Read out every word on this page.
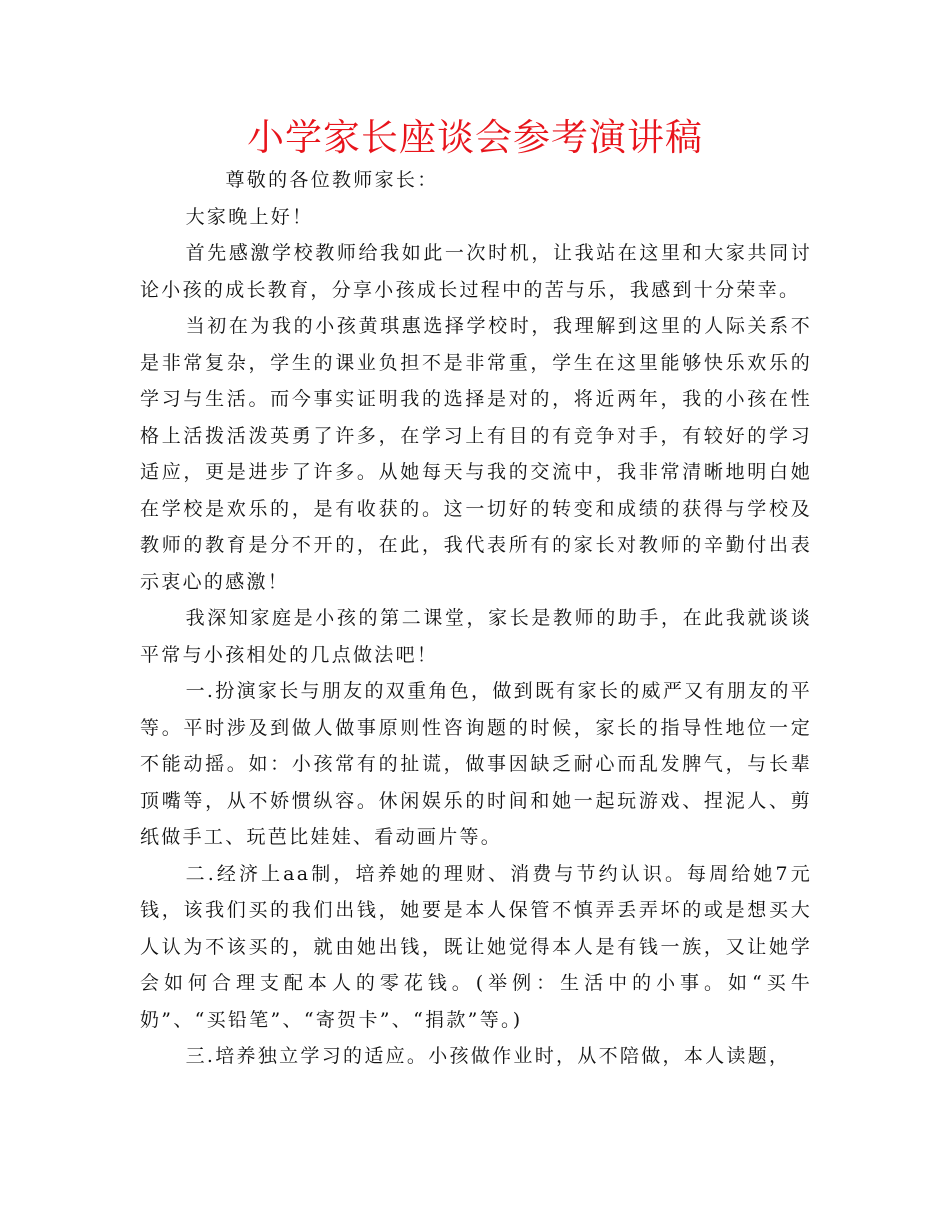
小学家长座谈会参考演讲稿

尊敬的各位教师家长：

大家晚上好！

首先感激学校教师给我如此一次时机，让我站在这里和大家共同讨论小孩的成长教育，分享小孩成长过程中的苦与乐，我感到十分荣幸。

当初在为我的小孩黄琪惠选择学校时，我理解到这里的人际关系不是非常复杂，学生的课业负担不是非常重，学生在这里能够快乐欢乐的学习与生活。而今事实证明我的选择是对的，将近两年，我的小孩在性格上活拨活泼英勇了许多，在学习上有目的有竞争对手，有较好的学习适应，更是进步了许多。从她每天与我的交流中，我非常清晰地明白她在学校是欢乐的，是有收获的。这一切好的转变和成绩的获得与学校及教师的教育是分不开的，在此，我代表所有的家长对教师的辛勤付出表示衷心的感激！

我深知家庭是小孩的第二课堂，家长是教师的助手，在此我就谈谈平常与小孩相处的几点做法吧！

一.扮演家长与朋友的双重角色，做到既有家长的威严又有朋友的平等。平时涉及到做人做事原则性咨询题的时候，家长的指导性地位一定不能动摇。如：小孩常有的扯谎，做事因缺乏耐心而乱发脾气，与长辈顶嘴等，从不娇惯纵容。休闲娱乐的时间和她一起玩游戏、捏泥人、剪纸做手工、玩芭比娃娃、看动画片等。

二.经济上aa制，培养她的理财、消费与节约认识。每周给她7元钱，该我们买的我们出钱，她要是本人保管不慎弄丢弄坏的或是想买大人认为不该买的，就由她出钱，既让她觉得本人是有钱一族，又让她学会如何合理支配本人的零花钱。(举例：生活中的小事。如“买牛奶”、“买铅笔”、“寄贺卡”、“捐款”等。)

三.培养独立学习的适应。小孩做作业时，从不陪做，本人读题，
